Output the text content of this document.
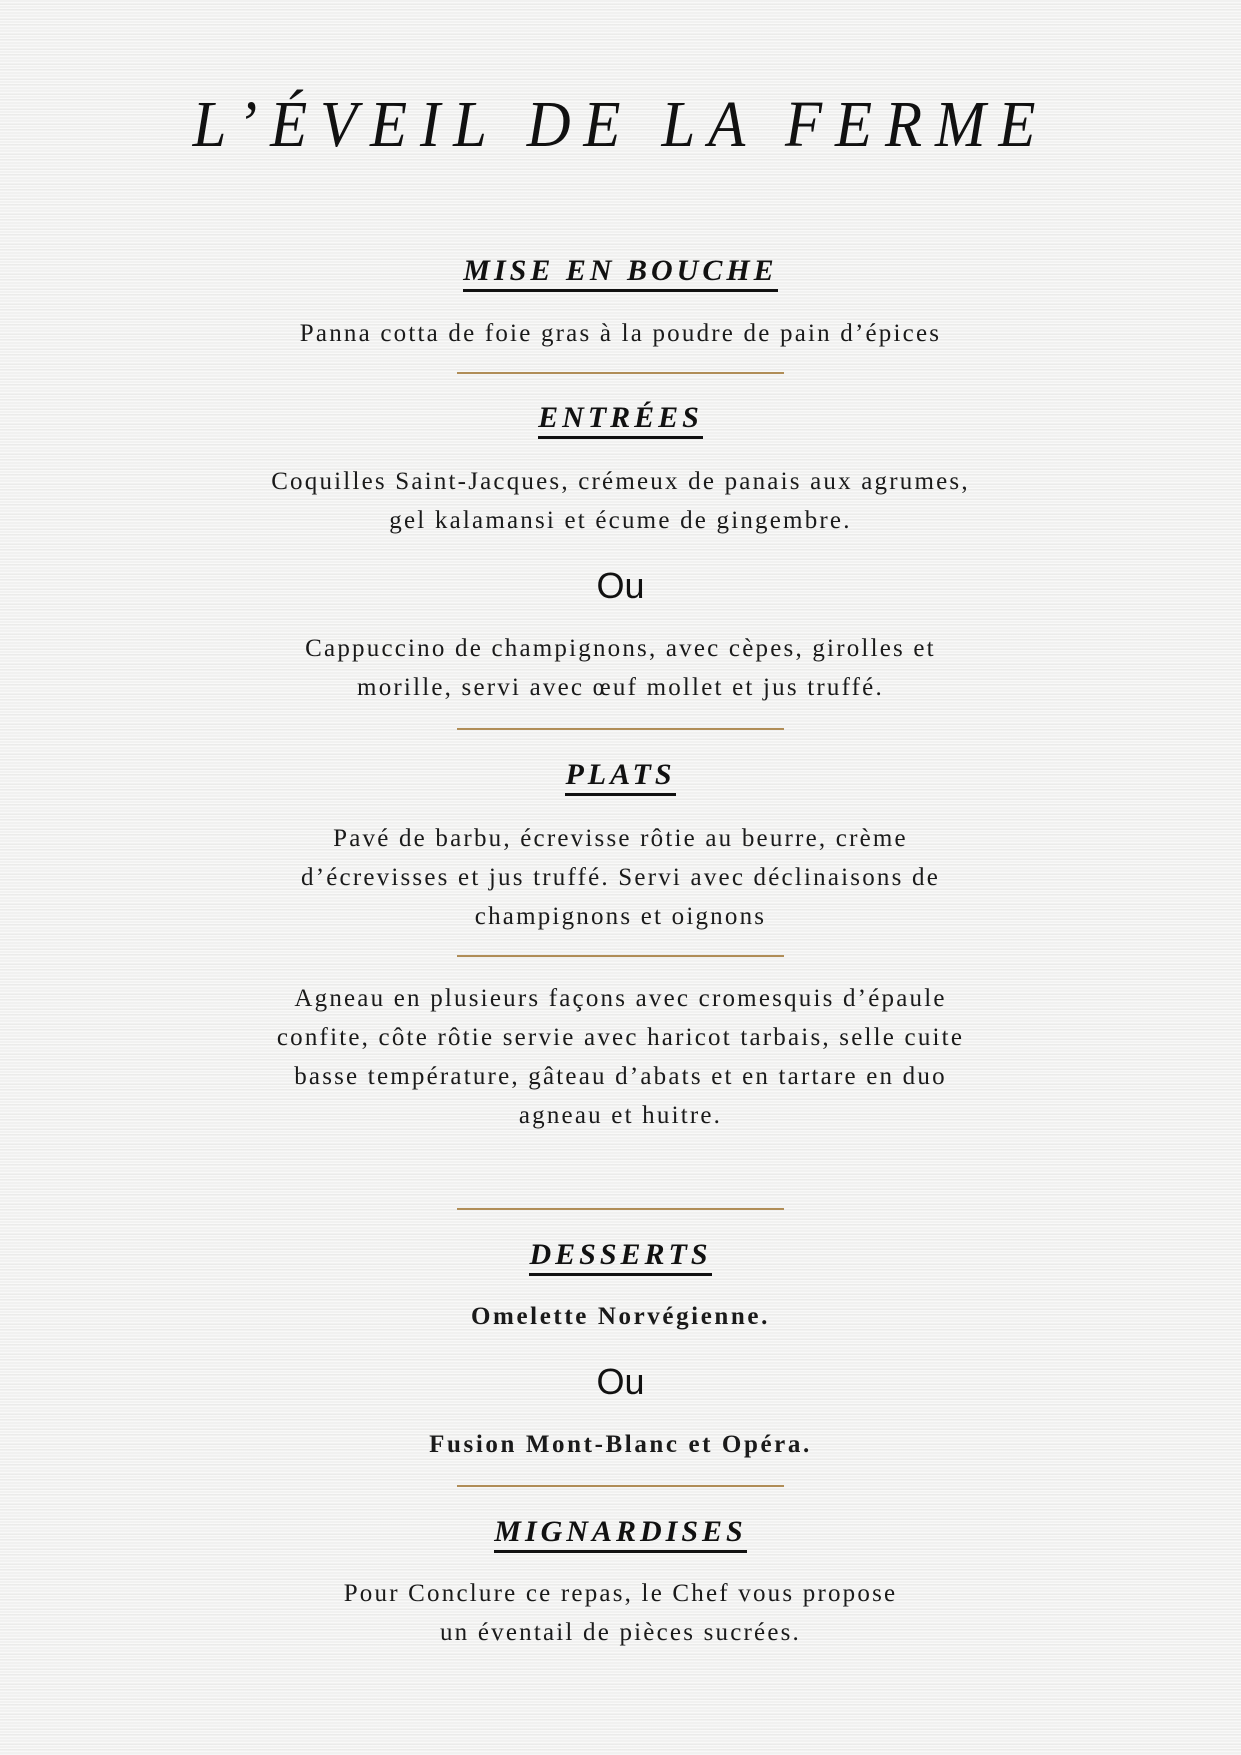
L’ÉVEIL DE LA FERME
MISE EN BOUCHE
Panna cotta de foie gras à la poudre de pain d’épices
ENTRÉES
Coquilles Saint-Jacques, crémeux de panais aux agrumes,
gel kalamansi et écume de gingembre.
Ou
Cappuccino de champignons, avec cèpes, girolles et
morille, servi avec œuf mollet et jus truffé.
PLATS
Pavé de barbu, écrevisse rôtie au beurre, crème
d’écrevisses et jus truffé. Servi avec déclinaisons de
champignons et oignons
Agneau en plusieurs façons avec cromesquis d’épaule
confite, côte rôtie servie avec haricot tarbais, selle cuite
basse température, gâteau d’abats et en tartare en duo
agneau et huitre.
DESSERTS
Omelette Norvégienne.
Ou
Fusion Mont-Blanc et Opéra.
MIGNARDISES
Pour Conclure ce repas, le Chef vous propose
un éventail de pièces sucrées.
